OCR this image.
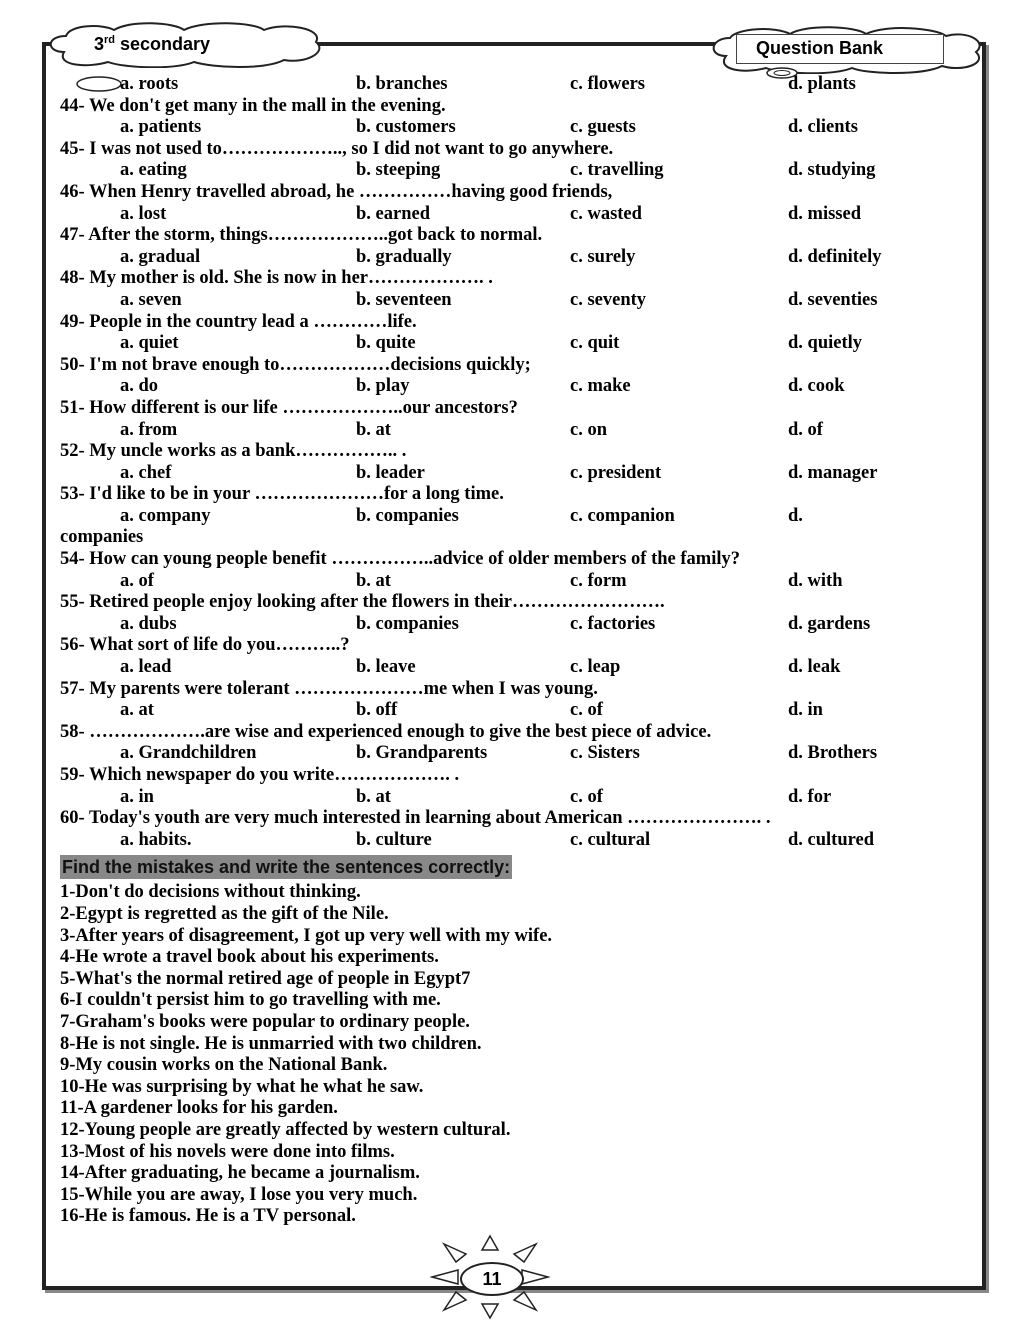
3rd secondary	Question Bank
a. roots	b. branches	c. flowers	d. plants
44- We don't get many in the mall in the evening.
a. patients	b. customers	c. guests	d. clients
45- I was not used to……………….., so I did not want to go anywhere.
a. eating	b. steeping	c. travelling	d. studying
46- When Henry travelled abroad, he ……………having good friends,
a. lost	b. earned	c. wasted	d. missed
47- After the storm, things………………..got back to normal.
a. gradual	b. gradually	c. surely	d. definitely
48- My mother is old. She is now in her………………. .
a. seven	b. seventeen	c. seventy	d. seventies
49- People in the country lead a …………life.
a. quiet	b. quite	c. quit	d. quietly
50- I'm not brave enough to………………decisions quickly;
a. do	b. play	c. make	d. cook
51- How different is our life ………………..our ancestors?
a. from	b. at	c. on	d. of
52- My uncle works as a bank…………….. .
a. chef	b. leader	c. president	d. manager
53- I'd like to be in your …………………for a long time.
a. company	b. companies	c. companion	d.
companies
54- How can young people benefit ……………..advice of older members of the family?
a. of	b. at	c. form	d. with
55- Retired people enjoy looking after the flowers in their…………………….
a. dubs	b. companies	c. factories	d. gardens
56- What sort of life do you………..?
a. lead	b. leave	c. leap	d. leak
57- My parents were tolerant …………………me when I was young.
a. at	b. off	c. of	d. in
58- ……………….are wise and experienced enough to give the best piece of advice.
a. Grandchildren	b. Grandparents	c. Sisters	d. Brothers
59- Which newspaper do you write………………. .
a. in	b. at	c. of	d. for
60- Today's youth are very much interested in learning about American …………………. .
a. habits.	b. culture	c. cultural	d. cultured
Find the mistakes and write the sentences correctly:
1-Don't do decisions without thinking.
2-Egypt is regretted as the gift of the Nile.
3-After years of disagreement, I got up very well with my wife.
4-He wrote a travel book about his experiments.
5-What's the normal retired age of people in Egypt7
6-I couldn't persist him to go travelling with me.
7-Graham's books were popular to ordinary people.
8-He is not single. He is unmarried with two children.
9-My cousin works on the National Bank.
10-He was surprising by what he what he saw.
11-A gardener looks for his garden.
12-Young people are greatly affected by western cultural.
13-Most of his novels were done into films.
14-After graduating, he became a journalism.
15-While you are away, I lose you very much.
16-He is famous. He is a TV personal.
11
